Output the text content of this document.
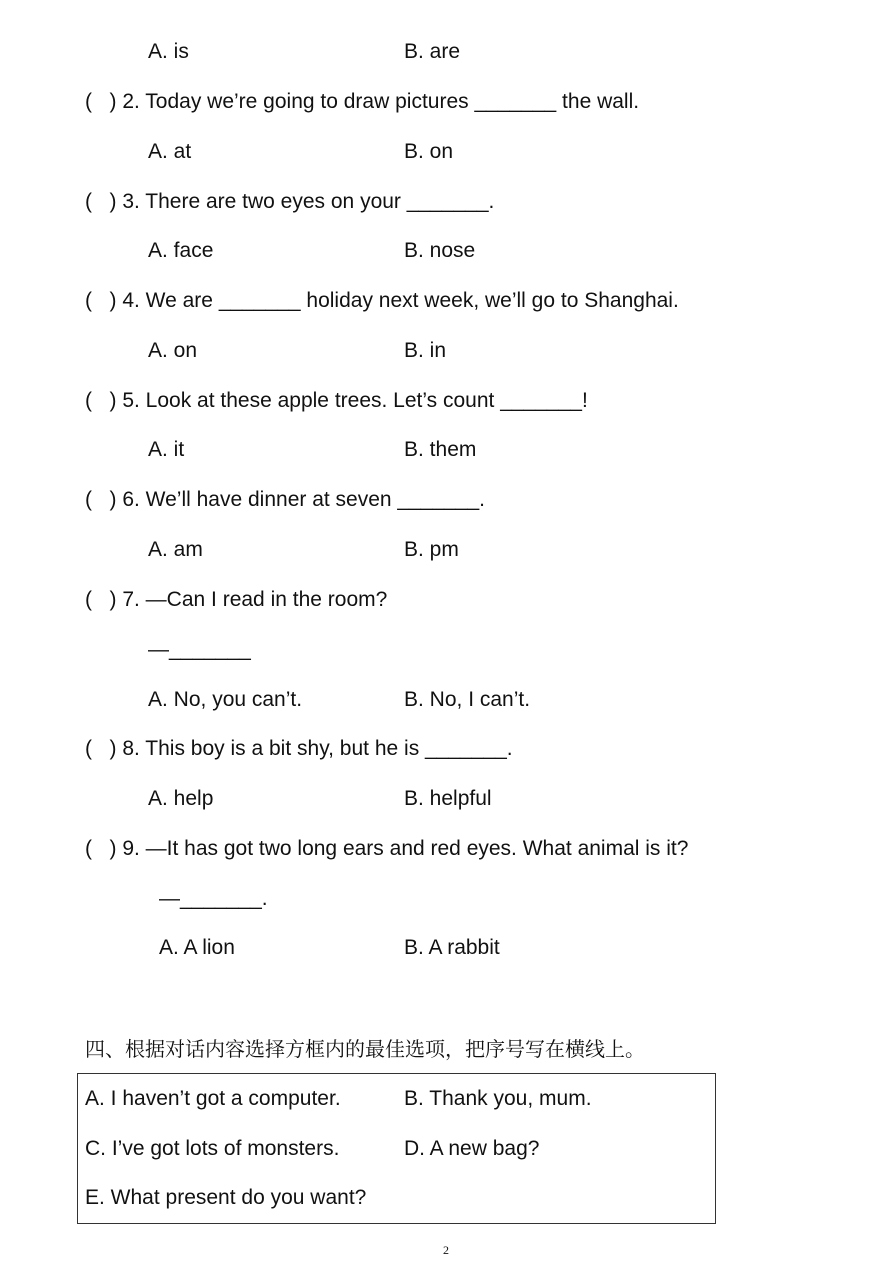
A. is	B. are
(   ) 2. Today we’re going to draw pictures _______ the wall.
A. at	B. on
(   ) 3. There are two eyes on your _______.
A. face	B. nose
(   ) 4. We are _______ holiday next week, we’ll go to Shanghai.
A. on	B. in
(   ) 5. Look at these apple trees. Let’s count _______!
A. it	B. them
(   ) 6. We’ll have dinner at seven _______.
A. am	B. pm
(   ) 7. —Can I read in the room?
—_______
A. No, you can’t.	B. No, I can’t.
(   ) 8. This boy is a bit shy, but he is _______.
A. help	B. helpful
(   ) 9. —It has got two long ears and red eyes. What animal is it?
—_______.
A. A lion	B. A rabbit
四、根据对话内容选择方框内的最佳选项，把序号写在横线上。
A. I haven’t got a computer.	B. Thank you, mum.
C. I’ve got lots of monsters.	D. A new bag?
E. What present do you want?
2
